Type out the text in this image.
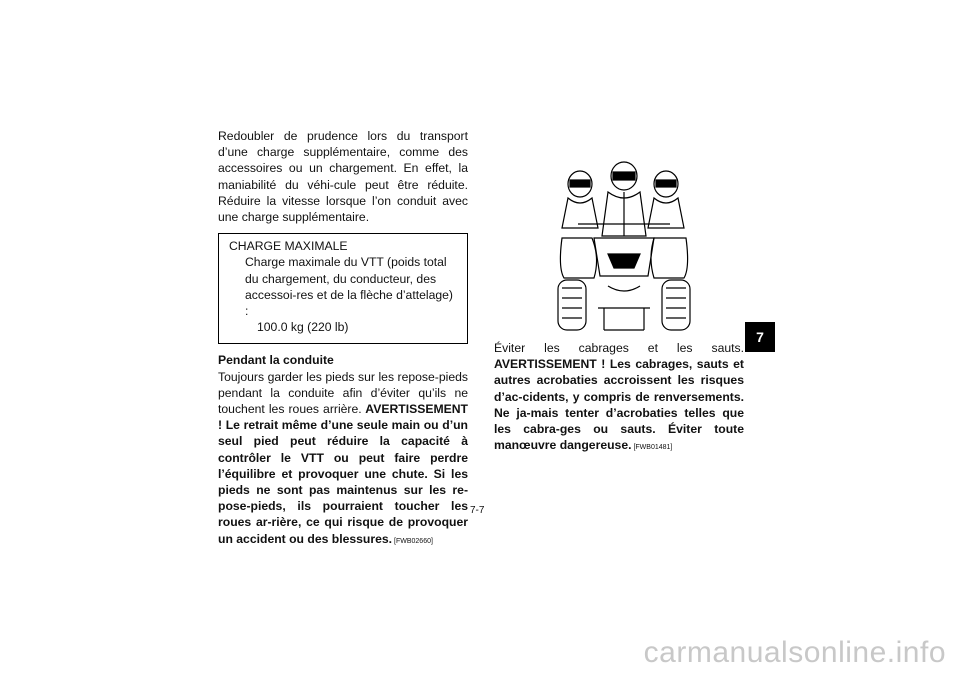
Redoubler de prudence lors du transport d’une charge supplémentaire, comme des accessoires ou un chargement. En effet, la maniabilité du véhi-cule peut être réduite. Réduire la vitesse lorsque l’on conduit avec une charge supplémentaire.

CHARGE MAXIMALE
Charge maximale du VTT (poids total du chargement, du conducteur, des accessoi-res et de la flèche d’attelage) :
100.0 kg (220 lb)

Pendant la conduite

Toujours garder les pieds sur les repose-pieds pendant la conduite afin d’éviter qu’ils ne touchent les roues arrière. AVERTISSEMENT ! Le retrait même d’une seule main ou d’un seul pied peut réduire la capacité à contrôler le VTT ou peut faire perdre l’équilibre et provoquer une chute. Si les pieds ne sont pas maintenus sur les re-pose-pieds, ils pourraient toucher les roues ar-rière, ce qui risque de provoquer un accident ou des blessures. [FWB02660]

Éviter les cabrages et les sauts. AVERTISSEMENT ! Les cabrages, sauts et autres acrobaties accroissent les risques d’ac-cidents, y compris de renversements. Ne ja-mais tenter d’acrobaties telles que les cabra-ges ou sauts. Éviter toute manœuvre dangereuse. [FWB01481]

7
7-7
carmanualsonline.info
